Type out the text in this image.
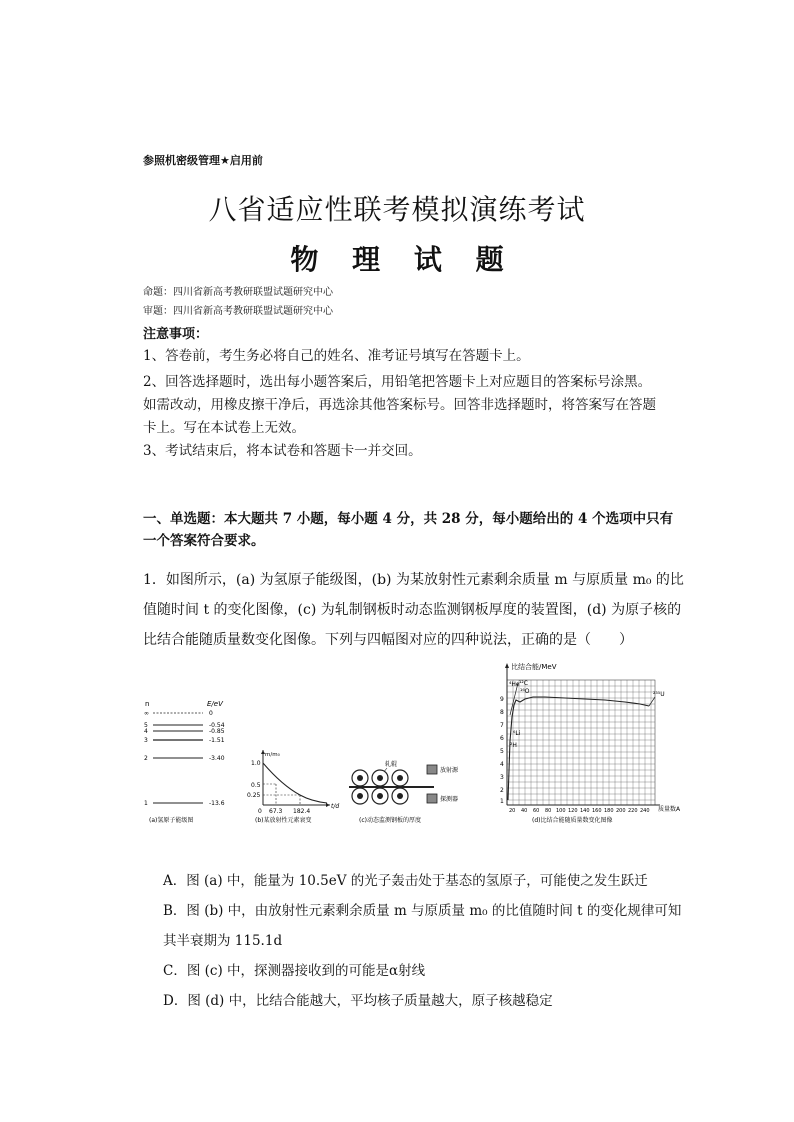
参照机密级管理★启用前
八省适应性联考模拟演练考试
物 理 试 题
命题：四川省新高考教研联盟试题研究中心
审题：四川省新高考教研联盟试题研究中心
注意事项：
1、答卷前，考生务必将自己的姓名、准考证号填写在答题卡上。
2、回答选择题时，选出每小题答案后，用铅笔把答题卡上对应题目的答案标号涂黑。如需改动，用橡皮擦干净后，再选涂其他答案标号。回答非选择题时，将答案写在答题卡上。写在本试卷上无效。
3、考试结束后，将本试卷和答题卡一并交回。
一、单选题：本大题共 7 小题，每小题 4 分，共 28 分，每小题给出的 4 个选项中只有一个答案符合要求。
1．如图所示，(a) 为氢原子能级图，(b) 为某放射性元素剩余质量 m 与原质量 m₀ 的比值随时间 t 的变化图像，(c) 为轧制钢板时动态监测钢板厚度的装置图，(d) 为原子核的比结合能随质量数变化图像。下列与四幅图对应的四种说法，正确的是（　　）
n	E/eV
∞	0
5	-0.54
4	-0.85
3	-1.51
2	-3.40
1	-13.6
(a)氢原子能级图
m/m₀
t/d
1.0
0.5
0.25
0 67.3 182.4
(b)某放射性元素衰变
轧辊
放射源
探测器
(c)动态监测钢板的厚度
比结合能/MeV
质量数A
9
8
7
6
5
4
3
2
1
20 40 60 80 100 120 140 160 180 200 220 240
⁴He ¹²C
¹⁶O
⁶Li
²H
²³⁵U
(d)比结合能随质量数变化图像
A．图 (a) 中，能量为 10.5eV 的光子轰击处于基态的氢原子，可能使之发生跃迁
B．图 (b) 中，由放射性元素剩余质量 m 与原质量 m₀ 的比值随时间 t 的变化规律可知其半衰期为 115.1d
C．图 (c) 中，探测器接收到的可能是α射线
D．图 (d) 中，比结合能越大，平均核子质量越大，原子核越稳定
